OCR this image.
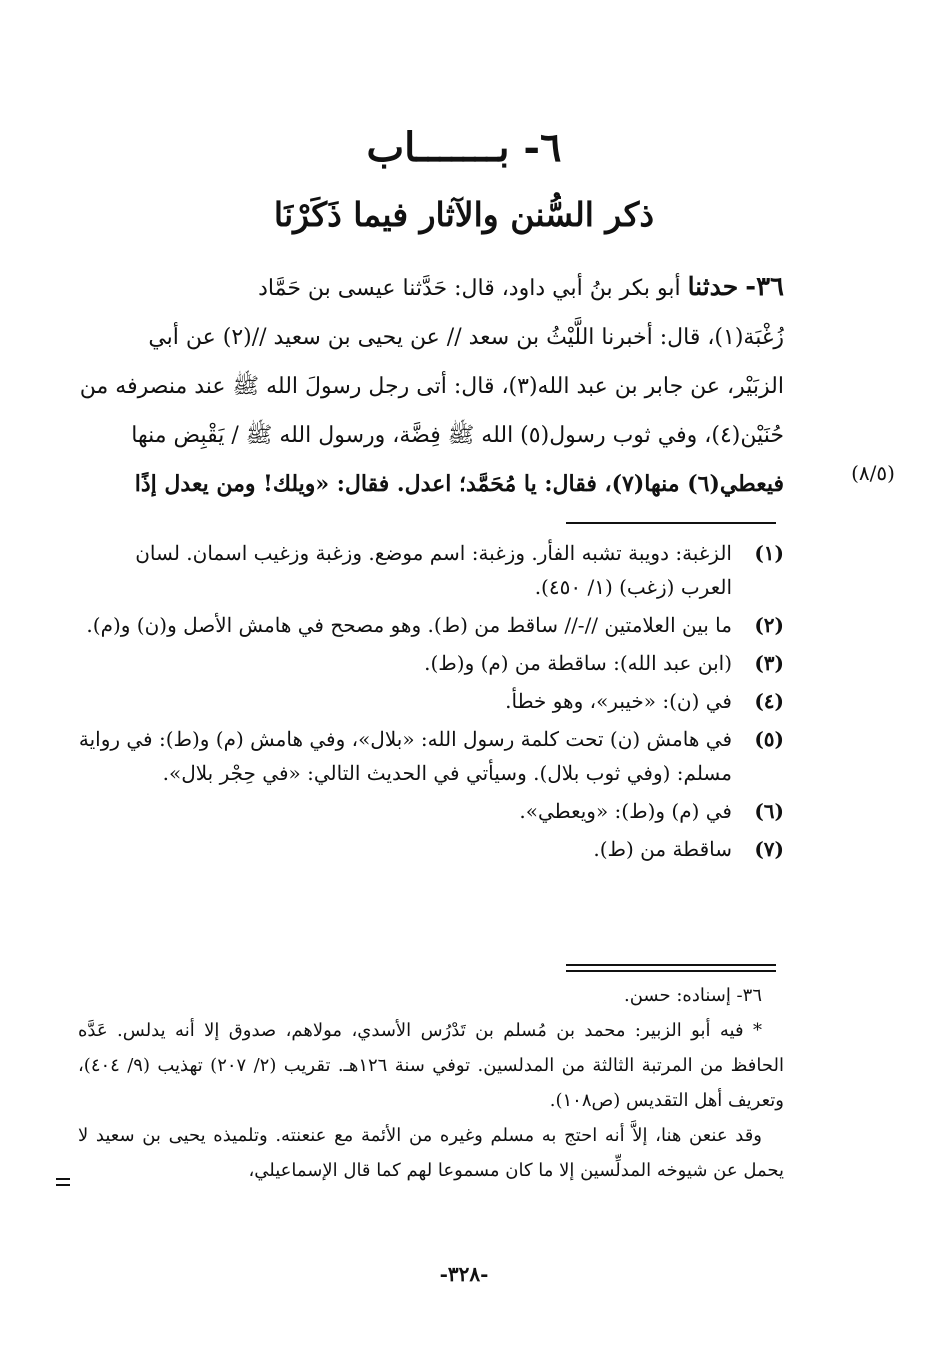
٦- بـــــــاب
ذكر السُّنن والآثار فيما ذَكَرْنَا
٣٦- حدثنا أبو بكر بنُ أبي داود، قال: حَدَّثنا عيسى بن حَمَّاد
زُغْبَة(١)، قال: أخبرنا اللَّيْثُ بن سعد // عن يحيى بن سعيد //(٢) عن أبي
الزبَيْر، عن جابر بن عبد الله(٣)، قال: أتى رجل رسولَ الله ﷺ عند منصرفه من
حُنَيْن(٤)، وفي ثوب رسول(٥) الله ﷺ فِضَّة، ورسول الله ﷺ / يَقْبِض منها
فيعطي(٦) منها(٧)، فقال: يا مُحَمَّد؛ اعدل. فقال: «ويلك! ومن يعدل إذًا	(٨/٥)
(١)
الزغبة: دويبة تشبه الفأر. وزغبة: اسم موضع. وزغبة وزغيب اسمان. لسان العرب (زغب) (١/ ٤٥٠).
(٢)
ما بين العلامتين //-// ساقط من (ط). وهو مصحح في هامش الأصل و(ن) و(م).
(٣)
(ابن عبد الله): ساقطة من (م) و(ط).
(٤)
في (ن): «خيبر»، وهو خطأ.
(٥)
في هامش (ن) تحت كلمة رسول الله: «بلال»، وفي هامش (م) و(ط): في رواية مسلم: (وفي ثوب بلال). وسيأتي في الحديث التالي: «في حِجْر بلال».
(٦)
في (م) و(ط): «ويعطي».
(٧)
ساقطة من (ط).
٣٦- إسناده: حسن.

* فيه أبو الزبير: محمد بن مُسلم بن تَدْرُس الأسدي، مولاهم، صدوق إلا أنه يدلس. عَدَّه الحافظ من المرتبة الثالثة من المدلسين. توفي سنة ١٢٦هـ. تقريب (٢/ ٢٠٧) تهذيب (٩/ ٤٠٤)، وتعريف أهل التقديس (ص١٠٨).

وقد عنعن هنا، إلاَّ أنه احتج به مسلم وغيره من الأئمة مع عنعنته. وتلميذه يحيى بن سعيد لا يحمل عن شيوخه المدلِّسين إلا ما كان مسموعا لهم كما قال الإسماعيلي،

-٣٢٨-
